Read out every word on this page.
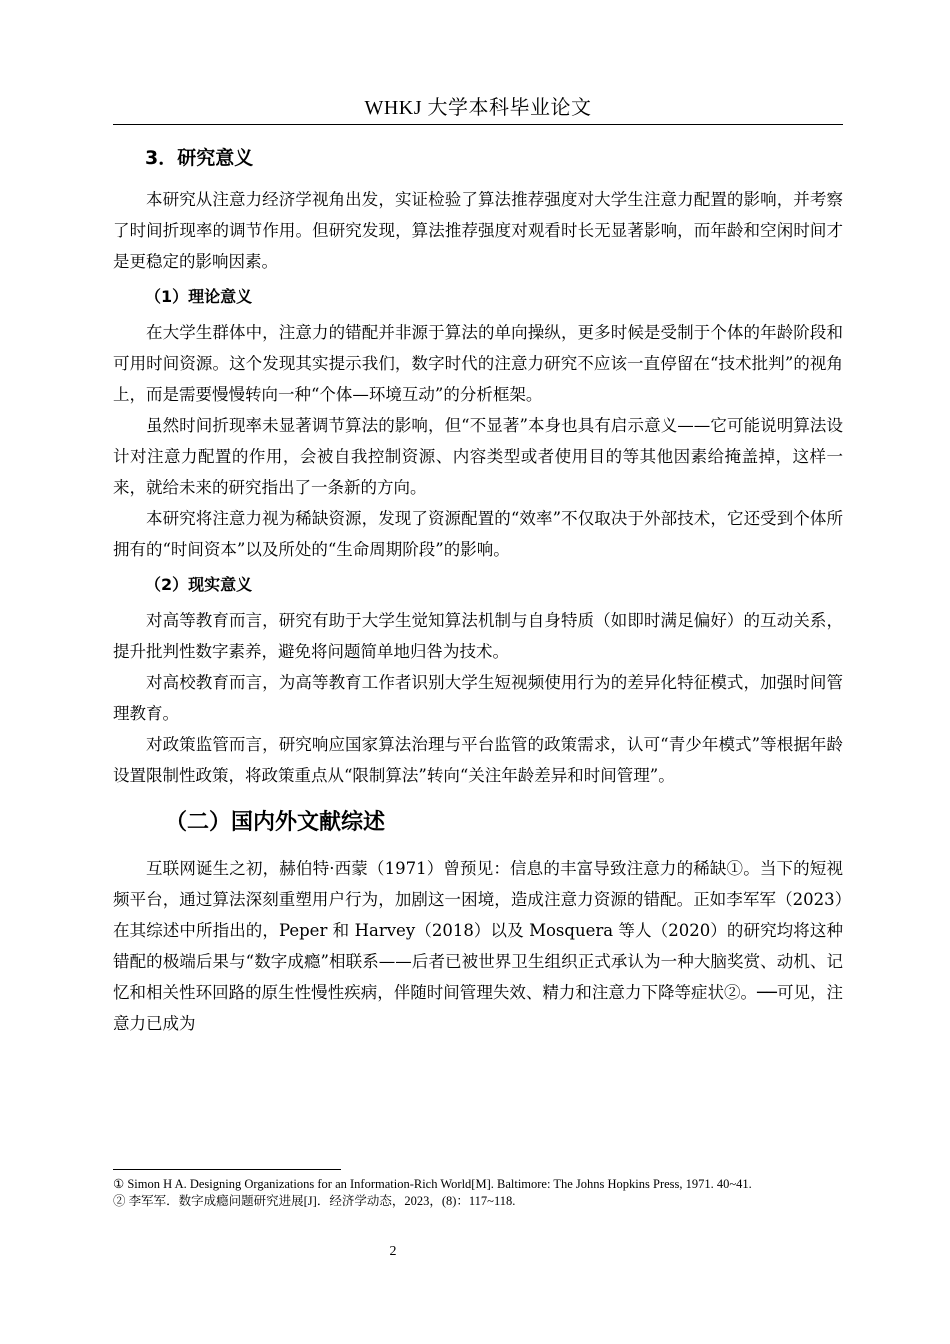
WHKJ 大学本科毕业论文
3．研究意义

本研究从注意力经济学视角出发，实证检验了算法推荐强度对大学生注意力配置的影响，并考察了时间折现率的调节作用。但研究发现，算法推荐强度对观看时长无显著影响，而年龄和空闲时间才是更稳定的影响因素。

（1）理论意义

在大学生群体中，注意力的错配并非源于算法的单向操纵，更多时候是受制于个体的年龄阶段和可用时间资源。这个发现其实提示我们，数字时代的注意力研究不应该一直停留在“技术批判”的视角上，而是需要慢慢转向一种“个体—环境互动”的分析框架。

虽然时间折现率未显著调节算法的影响，但“不显著”本身也具有启示意义——它可能说明算法设计对注意力配置的作用，会被自我控制资源、内容类型或者使用目的等其他因素给掩盖掉，这样一来，就给未来的研究指出了一条新的方向。

本研究将注意力视为稀缺资源，发现了资源配置的“效率”不仅取决于外部技术，它还受到个体所拥有的“时间资本”以及所处的“生命周期阶段”的影响。

（2）现实意义

对高等教育而言，研究有助于大学生觉知算法机制与自身特质（如即时满足偏好）的互动关系，提升批判性数字素养，避免将问题简单地归咎为技术。

对高校教育而言，为高等教育工作者识别大学生短视频使用行为的差异化特征模式，加强时间管理教育。

对政策监管而言，研究响应国家算法治理与平台监管的政策需求，认可“青少年模式”等根据年龄设置限制性政策，将政策重点从“限制算法”转向“关注年龄差异和时间管理”。

（二）国内外文献综述

互联网诞生之初，赫伯特·西蒙（1971）曾预见：信息的丰富导致注意力的稀缺①。当下的短视频平台，通过算法深刻重塑用户行为，加剧这一困境，造成注意力资源的错配。正如李军军（2023）在其综述中所指出的，Peper 和 Harvey（2018）以及 Mosquera 等人（2020）的研究均将这种错配的极端后果与“数字成瘾”相联系——后者已被世界卫生组织正式承认为一种大脑奖赏、动机、记忆和相关性环回路的原生性慢性疾病，伴随时间管理失效、精力和注意力下降等症状②。──可见，注意力已成为

① Simon H A. Designing Organizations for an Information-Rich World[M]. Baltimore: The Johns Hopkins Press, 1971. 40~41.

② 李军军．数字成瘾问题研究进展[J]．经济学动态，2023，(8)：117~118.

2
